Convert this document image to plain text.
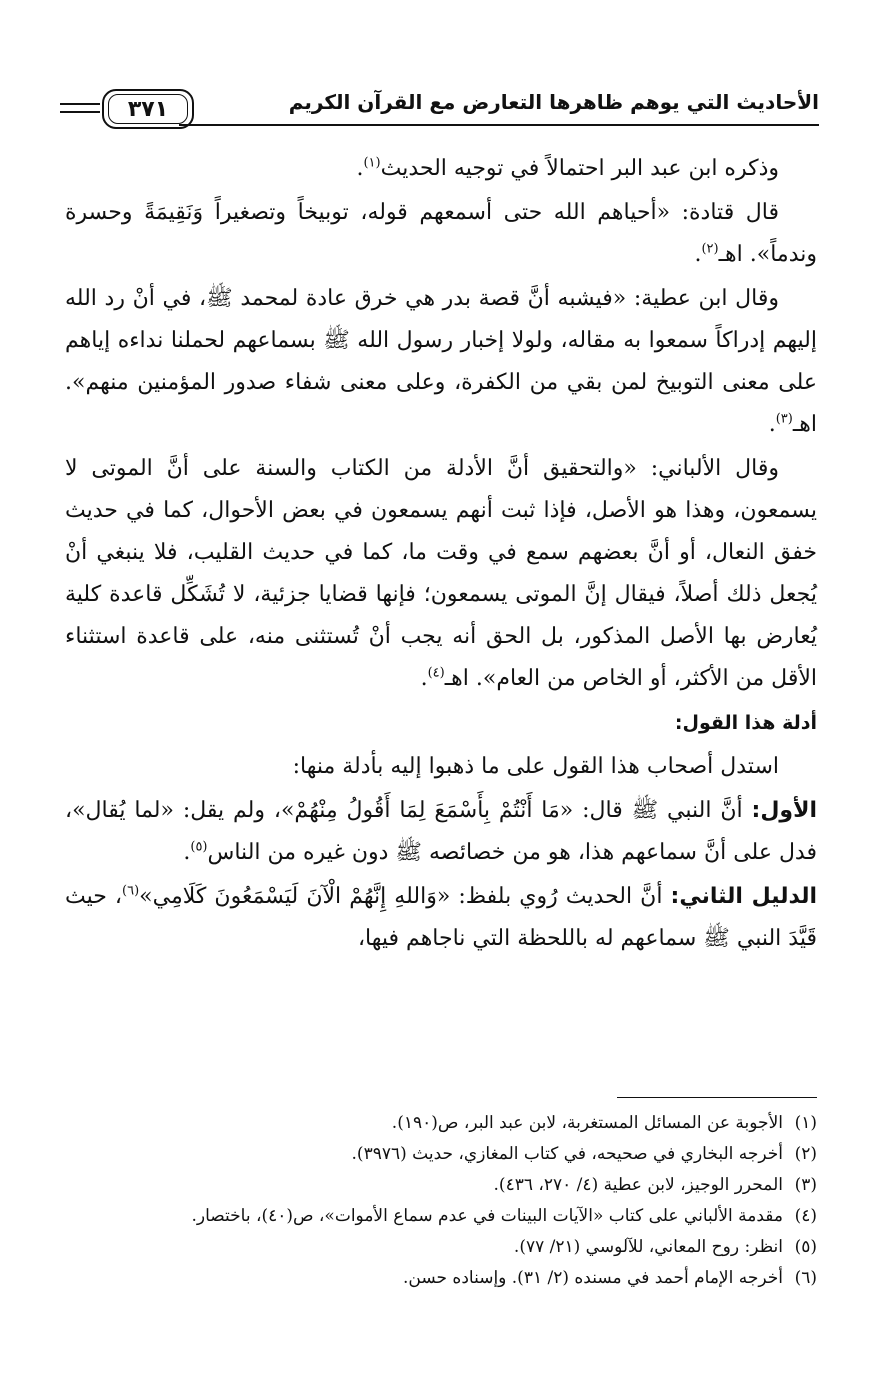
الأحاديث التي يوهم ظاهرها التعارض مع القرآن الكريم
٣٧١

وذكره ابن عبد البر احتمالاً في توجيه الحديث$^{(١)}$.

قال قتادة: «أحياهم الله حتى أسمعهم قوله، توبيخاً وتصغيراً وَنَقِيمَةً وحسرة وندماً». اهـ$^{(٢)}$.

وقال ابن عطية: «فيشبه أنَّ قصة بدر هي خرق عادة لمحمد ﷺ، في أنْ رد الله إليهم إدراكاً سمعوا به مقاله، ولولا إخبار رسول الله ﷺ بسماعهم لحملنا نداءه إياهم على معنى التوبيخ لمن بقي من الكفرة، وعلى معنى شفاء صدور المؤمنين منهم». اهـ$^{(٣)}$.

وقال الألباني: «والتحقيق أنَّ الأدلة من الكتاب والسنة على أنَّ الموتى لا يسمعون، وهذا هو الأصل، فإذا ثبت أنهم يسمعون في بعض الأحوال، كما في حديث خفق النعال، أو أنَّ بعضهم سمع في وقت ما، كما في حديث القليب، فلا ينبغي أنْ يُجعل ذلك أصلاً، فيقال إنَّ الموتى يسمعون؛ فإنها قضايا جزئية، لا تُشَكِّل قاعدة كلية يُعارض بها الأصل المذكور، بل الحق أنه يجب أنْ تُستثنى منه، على قاعدة استثناء الأقل من الأكثر، أو الخاص من العام». اهـ$^{(٤)}$.

أدلة هذا القول:

استدل أصحاب هذا القول على ما ذهبوا إليه بأدلة منها:

الأول: أنَّ النبي ﷺ قال: «مَا أَنْتُمْ بِأَسْمَعَ لِمَا أَقُولُ مِنْهُمْ»، ولم يقل: «لما يُقال»، فدل على أنَّ سماعهم هذا، هو من خصائصه ﷺ دون غيره من الناس$^{(٥)}$.

الدليل الثاني: أنَّ الحديث رُوي بلفظ: «وَاللهِ إِنَّهُمْ الْآنَ لَيَسْمَعُونَ كَلَامِي»$^{(٦)}$، حيث قَيَّدَ النبي ﷺ سماعهم له باللحظة التي ناجاهم فيها،

(١)الأجوبة عن المسائل المستغربة، لابن عبد البر، ص(١٩٠).
(٢)أخرجه البخاري في صحيحه، في كتاب المغازي، حديث (٣٩٧٦).
(٣)المحرر الوجيز، لابن عطية (٤/ ٢٧٠، ٤٣٦).
(٤)مقدمة الألباني على كتاب «الآيات البينات في عدم سماع الأموات»، ص(٤٠)، باختصار.
(٥)انظر: روح المعاني، للآلوسي (٢١/ ٧٧).
(٦)أخرجه الإمام أحمد في مسنده (٢/ ٣١). وإسناده حسن.
